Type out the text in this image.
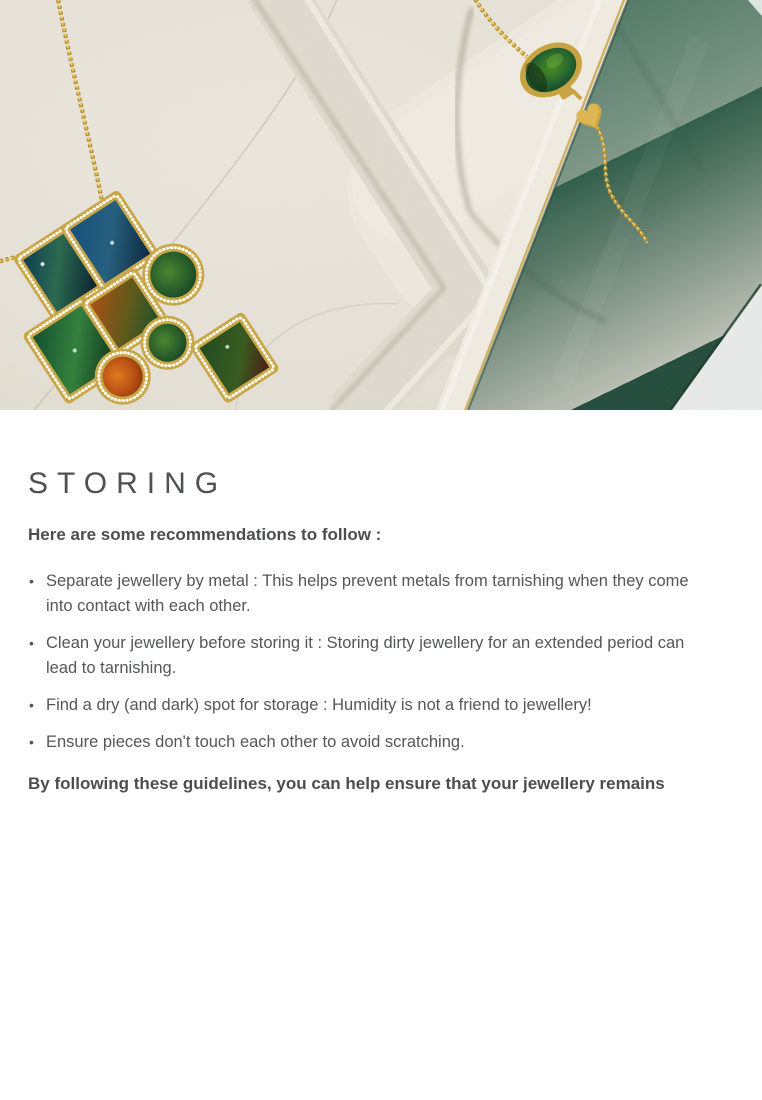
STORING

Here are some recommendations to follow :

• Separate jewellery by metal : This helps prevent metals from tarnishing when they come into contact with each other.
• Clean your jewellery before storing it : Storing dirty jewellery for an extended period can lead to tarnishing.
• Find a dry (and dark) spot for storage : Humidity is not a friend to jewellery!
• Ensure pieces don't touch each other to avoid scratching.

By following these guidelines, you can help ensure that your jewellery remains
